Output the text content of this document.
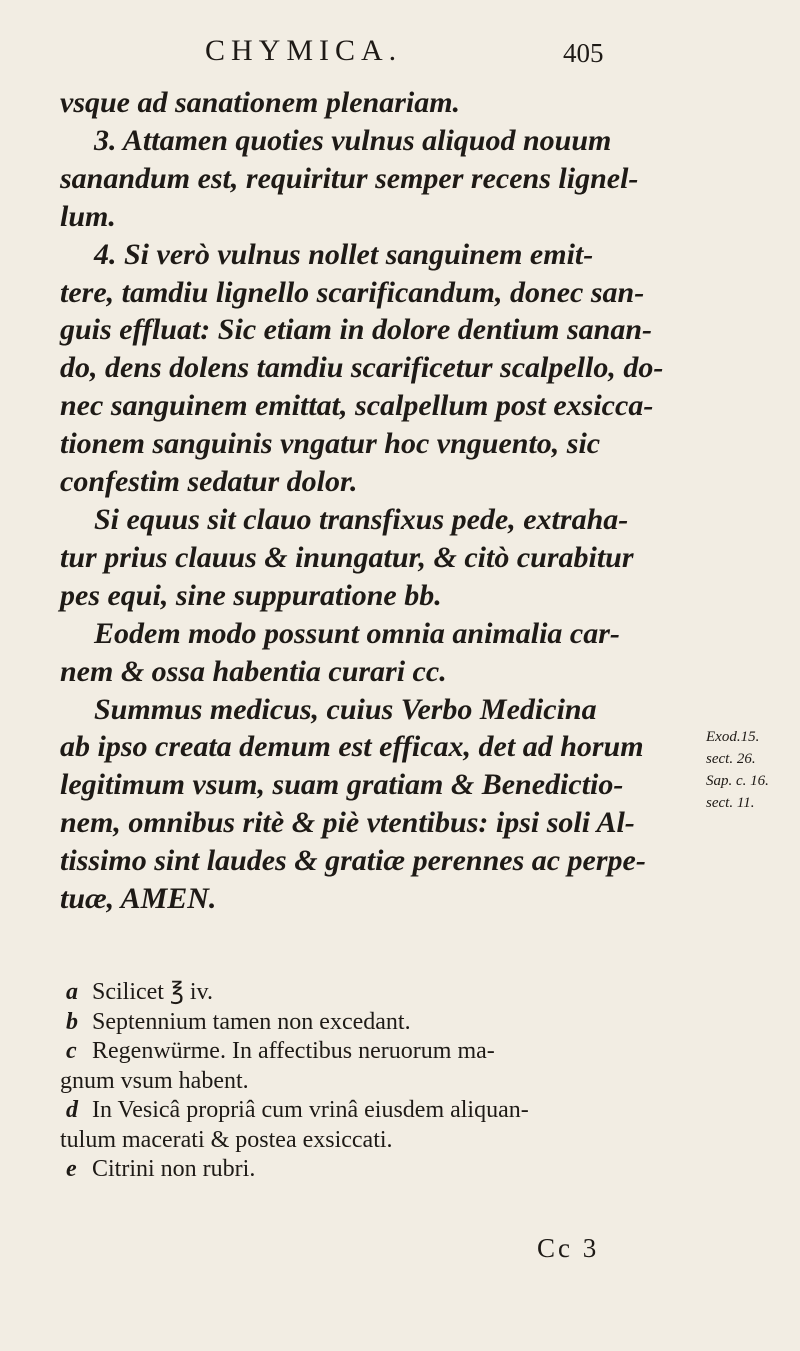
CHYMICA.	405
vsque ad sanationem plenariam.
3. Attamen quoties vulnus aliquod nouum
sanandum est, requiritur semper recens lignel-
lum.
4. Si verò vulnus nollet sanguinem emit-
tere, tamdiu lignello scarificandum, donec san-
guis effluat: Sic etiam in dolore dentium sanan-
do, dens dolens tamdiu scarificetur scalpello, do-
nec sanguinem emittat, scalpellum post exsicca-
tionem sanguinis vngatur hoc vnguento, sic
confestim sedatur dolor.
Si equus sit clauo transfixus pede, extraha-
tur prius clauus & inungatur, & citò curabitur
pes equi, sine suppuratione bb.
Eodem modo possunt omnia animalia car-
nem & ossa habentia curari cc.
Summus medicus, cuius Verbo Medicina
ab ipso creata demum est efficax, det ad horum
legitimum vsum, suam gratiam & Benedictio-
nem, omnibus ritè & piè vtentibus: ipsi soli Al-
tissimo sint laudes & gratiæ perennes ac perpe-
tuæ, AMEN.
Exod.15.
sect. 26.
Sap. c. 16.
sect. 11.
a Scilicet ℥ iv.
b Septennium tamen non excedant.
c Regenwürme. In affectibus neruorum ma-
gnum vsum habent.
d In Vesicâ propriâ cum vrinâ eiusdem aliquan-
tulum macerati & postea exsiccati.
e Citrini non rubri.
Cc 3
